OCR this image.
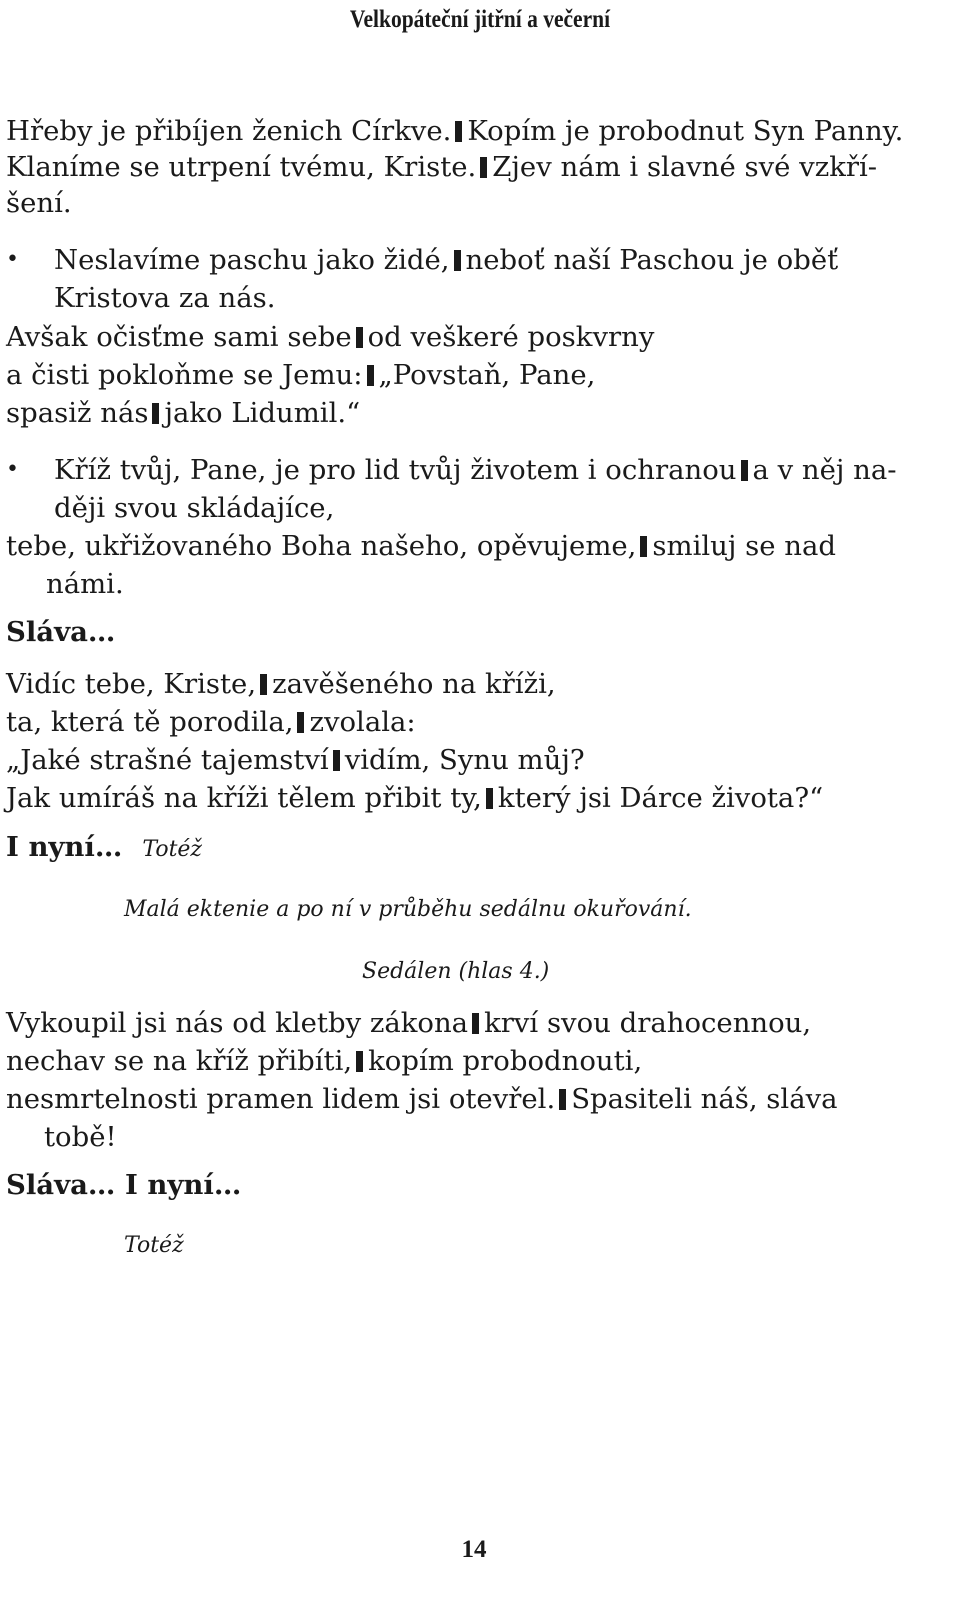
Velkopáteční jitřní a večerní
Hřeby je přibíjen ženich Církve. Kopím je probodnut Syn Panny.
Klaníme se utrpení tvému, Kriste. Zjev nám i slavné své vzkří-
šení.
• Neslavíme paschu jako židé, neboť naší Paschou je oběť
Kristova za nás.
Avšak očisťme sami sebe od veškeré poskvrny
a čisti pokloňme se Jemu: „Povstaň, Pane,
spasiž nás jako Lidumil.“
• Kříž tvůj, Pane, je pro lid tvůj životem i ochranou a v něj na-
ději svou skládajíce,
tebe, ukřižovaného Boha našeho, opěvujeme, smiluj se nad
námi.
Sláva…
Vidíc tebe, Kriste, zavěšeného na kříži,
ta, která tě porodila, zvolala:
„Jaké strašné tajemství vidím, Synu můj?
Jak umíráš na kříži tělem přibit ty, který jsi Dárce života?“
I nyní… Totéž
Malá ektenie a po ní v průběhu sedálnu okuřování.
Sedálen (hlas 4.)
Vykoupil jsi nás od kletby zákona krví svou drahocennou,
nechav se na kříž přibíti, kopím probodnouti,
nesmrtelnosti pramen lidem jsi otevřel. Spasiteli náš, sláva
tobě!
Sláva… I nyní…
Totéž
14
